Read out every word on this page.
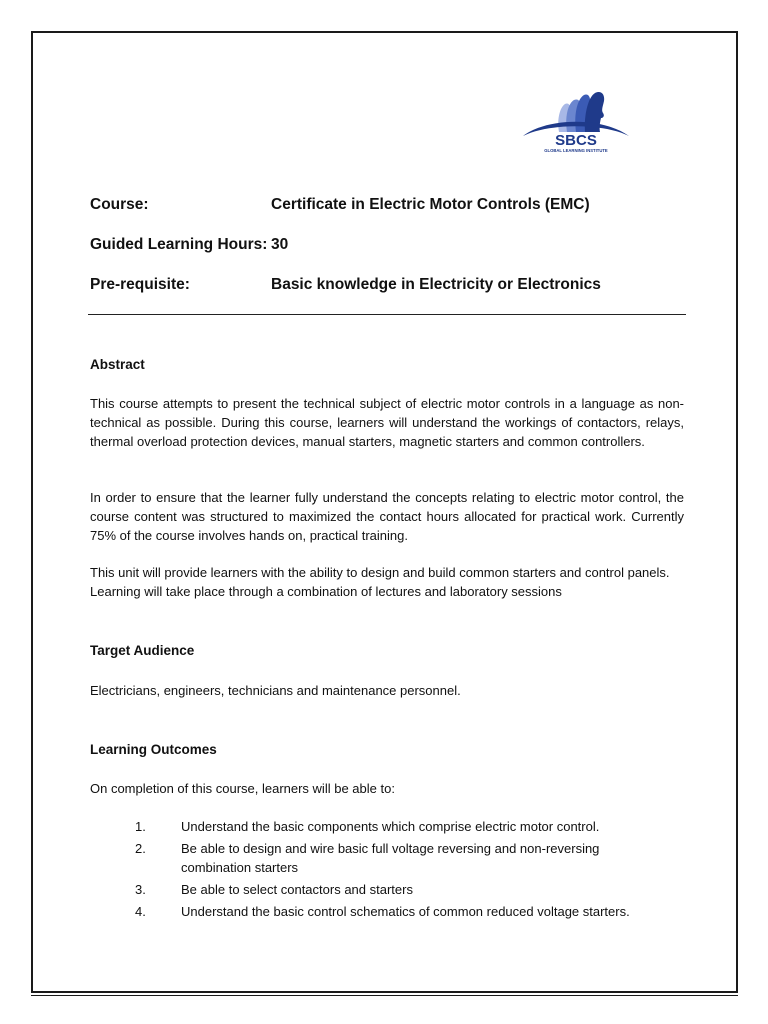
SBCS
GLOBAL LEARNING INSTITUTE
Course:	Certificate in Electric Motor Controls (EMC)
Guided Learning Hours: 30
Pre-requisite:	Basic knowledge in Electricity or Electronics
Abstract

This course attempts to present the technical subject of electric motor controls in a language as non-technical as possible. During this course, learners will understand the workings of contactors, relays, thermal overload protection devices, manual starters, magnetic starters and common controllers.

In order to ensure that the learner fully understand the concepts relating to electric motor control, the course content was structured to maximized the contact hours allocated for practical work. Currently 75% of the course involves hands on, practical training.

This unit will provide learners with the ability to design and build common starters and control panels. Learning will take place through a combination of lectures and laboratory sessions

Target Audience

Electricians, engineers, technicians and maintenance personnel.

Learning Outcomes

On completion of this course, learners will be able to:

1.	Understand the basic components which comprise electric motor control.
2.	Be able to design and wire basic full voltage reversing and non-reversing combination starters
3.	Be able to select contactors and starters
4.	Understand the basic control schematics of common reduced voltage starters.
